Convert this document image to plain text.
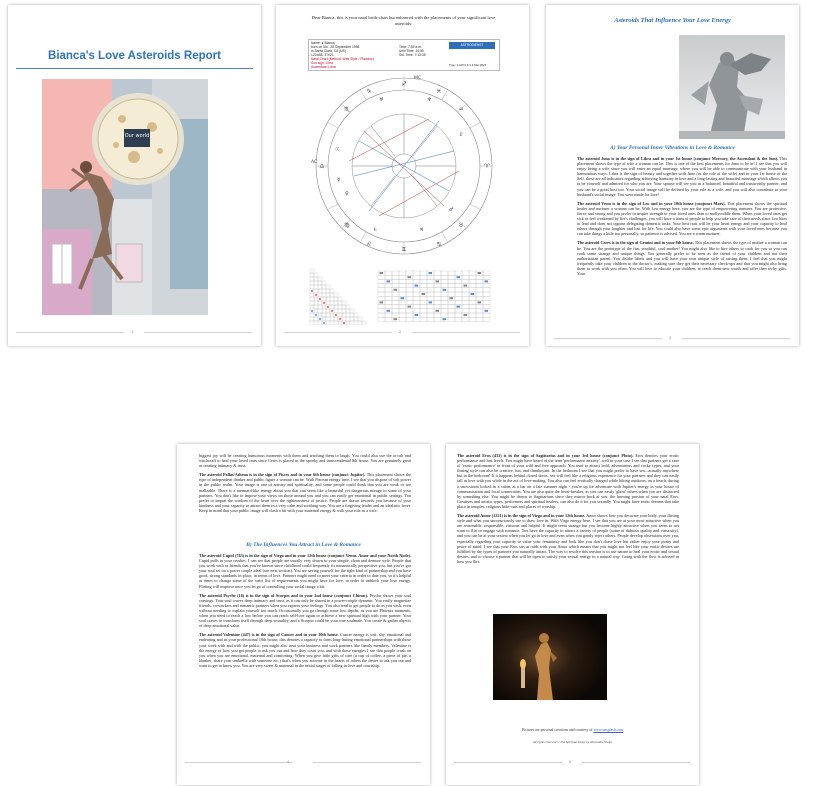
Bianca's Love Asteroids Report
Our world
1
Dear Bianca, this is your natal birth-chart but enhanced with the placements of your significant love asteroids:
Name: ● Bianca
born on Mo., 28 September 1998
in Santa Clara, CA (US)
121w58, 37n21
Natal Chart (Method: Web Style / Placidus)
Sun sign: Libra
Ascendant: Libra
Time: 7:55 a.m.
Univ.Time: 14:55
Sid. Time: 7:13:35
ASTRODIENST
Type: 2.GW 0.0-1 4-Mar-2022
♐
♊
♎	♈
♏	♒
♍	♉
♑	♓
♌	♋
☉
☿
♀
♂
♄	♃
♇
♅	♆
MC
AC
2
Asteroids That Influence Your Love Energy
A) Your Personal Inner Vibrations in Love & Romance

The asteroid Juno is in the sign of Libra and in your 1st house (conjunct Mercury, the Ascendant & the Sun). This placement shows the type of wife a woman can be. This is one of the best placements for Juno to be in! I see that you will enjoy being a wife since you will enter an equal marriage, where you will be able to communicate with your husband in harmonious ways. Libra is the sign of beauty and together with Juno (as the role of the wife) and in your 1st house of the Self, these are all indicators regarding achieving harmony in love and a long-lasting and beautiful marriage which allows you to be yourself and admired for who you are. Your spouse will see you as a balanced, beautiful and trustworthy partner, and you can be a good host too. Your social image will be defined by your role as a wife, and you will also contribute to your husband's social image. You were made for love!

The asteroid Vesta is in the sign of Leo and in your 10th house (conjunct Mars). This placement shows the spiritual healer and nurturer a woman can be. With Leo energy here, you are the type of empowering nurturer. You are protective, fierce and strong and you prefer to inspire strength in your loved ones than to mollycoddle them. When your loved ones get sick or feel weakened by life's challenges, you will have a team of people to help you take care of their needs since Leo likes to lead and does not oppose delegating domestic tasks. Your best trait will be your heart energy and your capacity to heal others through your laughter and lust for life. You could also have some epic arguments with your loved ones because you can take things a little too personally, so patience is advised. You are a warm nurturer.

The asteroid Ceres is in the sign of Gemini and in your 8th house. This placement shows the type of mother a woman can be. You are the prototype of the fun, youthful, cool mother! You might also like to hire others to cook for you or you can cook some strange and unique things. You generally prefer to be seen as the friend of your children and not their authoritarian parent. You dislike labels and you will have your own unique style of raising them; I feel that you might frequently take your children to the doctor's, making sure they get their necessary check-ups and that you might also bring them to work with you often. You will love to educate your children, to teach them new words and offer then techy gifts. Your

3

biggest joy will be creating humorous moments with them and teaching them to laugh. You could also use the occult and witchcraft to heal your loved ones since Ceres is placed in the spooky and transcendental 8th house. You are genuinely great at creating intimacy & trust.

The asteroid Pallas/Athena is in the sign of Pisces and in your 6th house (conjunct Jupiter). This placement shows the type of independent thinker and public figure a woman can be. With Piscean energy here, I see that you dispose of soft power in the public realm. Your image is one of artistry and spirituality, and some people could think that you are weak or too malleable. There is a mermaid-like energy about you that can seem like a beautiful yet dangerous mirage to some of your partners. You don't like to impose your views on those around you and you can easily get emotional in public settings. You prefer to impart the wisdom of the heart over the righteousness of justice. People are drawn towards you because of your kindness and your capacity to attract them in a very calm and soothing way. You are a forgiving leader and an idealistic lover. Keep in mind that your public image will clash a bit with your maternal energy & with your role as a wife.

B) The Influences You Attract in Love & Romance

The asteroid Cupid (763) is in the sign of Virgo and in your 12th house (conjunct Venus, Amor and your North Node). Cupid pulls in your crushes. I can see that people are usually very drawn to your simple, clean and demure style. People that you work with or friends that you've known since childhood could frequently fit romantically perspective you, but you've got your soul set on a power couple ideal (see next section). You are saving yourself for the right kind of partnership and you have good, strong standards in place, in terms of love. Partners might need to meet your criteria in order to date you, so it's helpful at times to change some of the strict list of requirements you might have for love, in order to unblock your love energy. Flirting will improve once you let go of controlling your social image a bit.

The asteroid Psyche (16) is in the sign of Scorpio and in your 2nd house (conjunct Chiron). Psyche shows your soul cravings. Your soul craves deep intimacy and trust, as it can only be shared in a power-couple dynamic. You easily magnetize friends, co-workers and romantic partners when you express your feelings. You also tend to get people to do as you wish, even without needing to explain yourself too much. Occasionally you go through some low depths, as you are Phoenix moments, when you need to reach a low before you can reach self-love again or achieve a new spiritual high with your partner. Your soul craves to transform itself through deep sexuality, and a Scorpio could be your true soulmate. You create & gather objects of deep emotional value.

The asteroid Valentine (447) is in the sign of Cancer and in your 10th house. Cancer energy is soft, shy, emotional and endearing and in your professional 10th house, this denotes a capacity to form long-lasting emotional partnerships with those your work with and with the public; you might also treat your business and work partners like family members. Valentine is the energy of how you get people to ask you out and how they court you, and with these energies I see that people crush on you when you are emotional, maternal and comforting. When you give little gifts of care (a cup of coffee, a piece of pie, a blanket, share your umbrella with someone etc.) that's when you activate in the hearts of others the desire to ask you out and want to get to know you. You are very sweet & maternal in the initial stages of falling in love and courtship.

4

The asteroid Eros (433) is in the sign of Sagittarius and in your 3rd house (conjunct Pluto). Eros denotes your erotic performance and lust levels. You might have heard of the term 'performance anxiety', well in your case I see that partners get a case of 'erotic performance' in front of your wild and free approach. You tend to attract bold, adventurous and cocky types, and your flirting style can also be creative, fun, and flamboyant. In the bedroom I see that you might prefer to have sex...actually anywhere but in the bedroom! If it happens behind closed doors, sex will feel like a religious experience for your partners and they can easily fall in love with you while in the act of love-making. You also can feel erotically charged while hiking outdoors, on a beach, during a snowstorm locked in a cabin, at a bar on a late summer night - you're up for adventure with Jupiter's energy in your house of communication and local connections. You are also quite the heart-breaker, as you can easily 'ghost' others when you are distracted by something else. You might be drawn to Sagittarians since they mirror back at you, the burning passion of your natal Eros. Creatives and artistic types, performers and spiritual healers, can also do it for you sexually. You might have erotic dreams that take place in temples, religious hide-outs and places of worship.

The asteroid Amor (1221) is in the sign of Virgo and in your 12th house. Amor shows how you decorate your body, your flirting style and what you unconsciously use to draw love in. With Virgo energy here, I see that you are at your most attractive when you are reasonable, responsible, virtuous and helpful. It might seem strange but you become highly attractive when you seem to not want to flirt or engage with romance. You have the capacity to attract a variety of people (some of dubious quality and virtuosity), and you can be at your sexiest when you let go in love and even when you gently reject others. People develop obsessions over you, especially regarding your capacity to value your femininity and look like you don't chase love but rather enjoy your purity and peace of mind. I see that your Eros sits at odds with your Amor which means that you might not feel like your erotic desires are fulfilled by the types of partners you naturally attract. The way to resolve this tension is to use nature to heal your erotic and sexual desires, and to choose a partner that will be open to satisfy your sexual energy in a natural way. Going with the flow is advised in how you flirt.

Pictures are personal creations and courtesy of www.unsplash.com
All rights reserved © The Spiritual Daisy by Alexandra Shafer
5
